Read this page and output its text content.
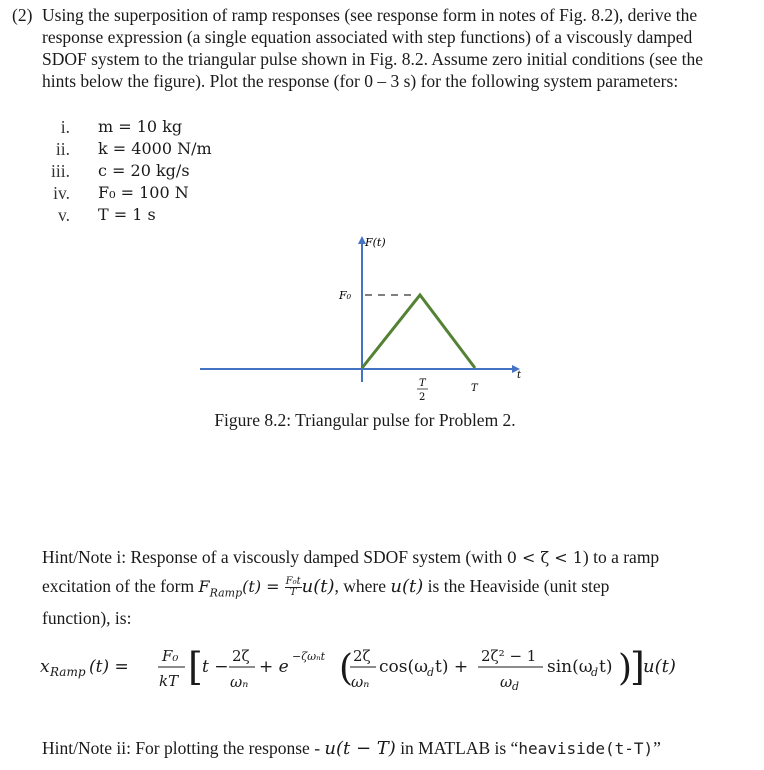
(2) Using the superposition of ramp responses (see response form in notes of Fig. 8.2), derive the response expression (a single equation associated with step functions) of a viscously damped SDOF system to the triangular pulse shown in Fig. 8.2. Assume zero initial conditions (see the hints below the figure). Plot the response (for 0 – 3 s) for the following system parameters:
i. m = 10 kg
ii. k = 4000 N/m
iii. c = 20 kg/s
iv. F₀ = 100 N
v. T = 1 s
F(t)
t
F₀
T
2
T
Figure 8.2: Triangular pulse for Problem 2.
Hint/Note i: Response of a viscously damped SDOF system (with 0 < ζ < 1) to a ramp
excitation of the form $F_{Ramp}(t) = \frac{\text{F₀t}}{T} u(t)$, where u(t) is the Heaviside (unit step
function), is:
x Ramp (t) =
F₀
kT [ t −
2ζ
ωₙ
+ e
−ζωₙt ( 2ζ
ωₙ
cos(ω d t) +
2ζ² − 1
ω d
sin(ω
d t) )
]
u(t)
Hint/Note ii: For plotting the response - u(t − T) in MATLAB is “heaviside(t-T)”
